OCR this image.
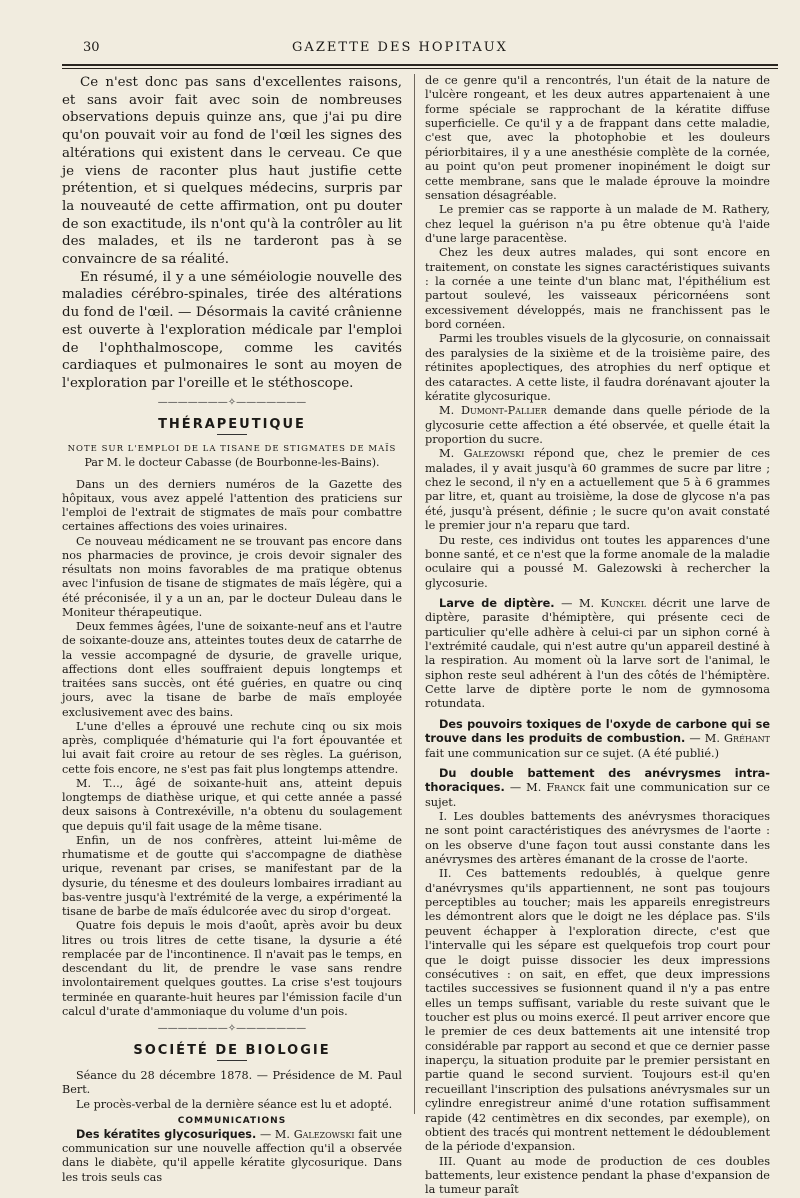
30	GAZETTE DES HOPITAUX

Ce n'est donc pas sans d'excellentes raisons, et sans avoir fait avec soin de nombreuses observations depuis quinze ans, que j'ai pu dire qu'on pouvait voir au fond de l'œil les signes des altérations qui existent dans le cerveau. Ce que je viens de raconter plus haut justifie cette prétention, et si quelques médecins, surpris par la nouveauté de cette affirmation, ont pu douter de son exactitude, ils n'ont qu'à la contrôler au lit des malades, et ils ne tarderont pas à se convaincre de sa réalité.

En résumé, il y a une séméiologie nouvelle des maladies cérébro-spinales, tirée des altérations du fond de l'œil. — Désormais la cavité crânienne est ouverte à l'exploration médicale par l'emploi de l'ophthalmoscope, comme les cavités cardiaques et pulmonaires le sont au moyen de l'exploration par l'oreille et le stéthoscope.

———————✧———————
THÉRAPEUTIQUE
NOTE SUR L'EMPLOI DE LA TISANE DE STIGMATES DE MAÏS
Par M. le docteur Cabasse (de Bourbonne-les-Bains).

Dans un des derniers numéros de la Gazette des hôpitaux, vous avez appelé l'attention des praticiens sur l'emploi de l'extrait de stigmates de maïs pour combattre certaines affections des voies urinaires.

Ce nouveau médicament ne se trouvant pas encore dans nos pharmacies de province, je crois devoir signaler des résultats non moins favorables de ma pratique obtenus avec l'infusion de tisane de stigmates de maïs légère, qui a été préconisée, il y a un an, par le docteur Duleau dans le Moniteur thérapeutique.

Deux femmes âgées, l'une de soixante-neuf ans et l'autre de soixante-douze ans, atteintes toutes deux de catarrhe de la vessie accompagné de dysurie, de gravelle urique, affections dont elles souffraient depuis longtemps et traitées sans succès, ont été guéries, en quatre ou cinq jours, avec la tisane de barbe de maïs employée exclusivement avec des bains.

L'une d'elles a éprouvé une rechute cinq ou six mois après, compliquée d'hématurie qui l'a fort épouvantée et lui avait fait croire au retour de ses règles. La guérison, cette fois encore, ne s'est pas fait plus longtemps attendre.

M. T..., âgé de soixante-huit ans, atteint depuis longtemps de diathèse urique, et qui cette année a passé deux saisons à Contrexéville, n'a obtenu du soulagement que depuis qu'il fait usage de la même tisane.

Enfin, un de nos confrères, atteint lui-même de rhumatisme et de goutte qui s'accompagne de diathèse urique, revenant par crises, se manifestant par de la dysurie, du ténesme et des douleurs lombaires irradiant au bas-ventre jusqu'à l'extrémité de la verge, a expérimenté la tisane de barbe de maïs édulcorée avec du sirop d'orgeat.

Quatre fois depuis le mois d'août, après avoir bu deux litres ou trois litres de cette tisane, la dysurie a été remplacée par de l'incontinence. Il n'avait pas le temps, en descendant du lit, de prendre le vase sans rendre involontairement quelques gouttes. La crise s'est toujours terminée en quarante-huit heures par l'émission facile d'un calcul d'urate d'ammoniaque du volume d'un pois.

———————✧———————
SOCIÉTÉ DE BIOLOGIE

Séance du 28 décembre 1878. — Présidence de M. Paul Bert.

Le procès-verbal de la dernière séance est lu et adopté.

COMMUNICATIONS

Des kératites glycosuriques. — M. Galezowski fait une communication sur une nouvelle affection qu'il a observée dans le diabète, qu'il appelle kératite glycosurique. Dans les trois seuls cas

de ce genre qu'il a rencontrés, l'un était de la nature de l'ulcère rongeant, et les deux autres appartenaient à une forme spéciale se rapprochant de la kératite diffuse superficielle. Ce qu'il y a de frappant dans cette maladie, c'est que, avec la photophobie et les douleurs périorbitaires, il y a une anesthésie complète de la cornée, au point qu'on peut promener inopinément le doigt sur cette membrane, sans que le malade éprouve la moindre sensation désagréable.

Le premier cas se rapporte à un malade de M. Rathery, chez lequel la guérison n'a pu être obtenue qu'à l'aide d'une large paracentèse.

Chez les deux autres malades, qui sont encore en traitement, on constate les signes caractéristiques suivants : la cornée a une teinte d'un blanc mat, l'épithélium est partout soulevé, les vaisseaux péricornéens sont excessivement développés, mais ne franchissent pas le bord cornéen.

Parmi les troubles visuels de la glycosurie, on connaissait des paralysies de la sixième et de la troisième paire, des rétinites apoplectiques, des atrophies du nerf optique et des cataractes. A cette liste, il faudra dorénavant ajouter la kératite glycosurique.

M. Dumont-Pallier demande dans quelle période de la glycosurie cette affection a été observée, et quelle était la proportion du sucre.

M. Galezowski répond que, chez le premier de ces malades, il y avait jusqu'à 60 grammes de sucre par litre ; chez le second, il n'y en a actuellement que 5 à 6 grammes par litre, et, quant au troisième, la dose de glycose n'a pas été, jusqu'à présent, définie ; le sucre qu'on avait constaté le premier jour n'a reparu que tard.

Du reste, ces individus ont toutes les apparences d'une bonne santé, et ce n'est que la forme anomale de la maladie oculaire qui a poussé M. Galezowski à rechercher la glycosurie.

Larve de diptère. — M. Kunckel décrit une larve de diptère, parasite d'hémiptère, qui présente ceci de particulier qu'elle adhère à celui-ci par un siphon corné à l'extrémité caudale, qui n'est autre qu'un appareil destiné à la respiration. Au moment où la larve sort de l'animal, le siphon reste seul adhérent à l'un des côtés de l'hémiptère. Cette larve de diptère porte le nom de gymnosoma rotundata.

Des pouvoirs toxiques de l'oxyde de carbone qui se trouve dans les produits de combustion. — M. Gréhant fait une communication sur ce sujet. (A été publié.)

Du double battement des anévrysmes intra-thoraciques. — M. Franck fait une communication sur ce sujet.

I. Les doubles battements des anévrysmes thoraciques ne sont point caractéristiques des anévrysmes de l'aorte : on les observe d'une façon tout aussi constante dans les anévrysmes des artères émanant de la crosse de l'aorte.

II. Ces battements redoublés, à quelque genre d'anévrysmes qu'ils appartiennent, ne sont pas toujours perceptibles au toucher; mais les appareils enregistreurs les démontrent alors que le doigt ne les déplace pas. S'ils peuvent échapper à l'exploration directe, c'est que l'intervalle qui les sépare est quelquefois trop court pour que le doigt puisse dissocier les deux impressions consécutives : on sait, en effet, que deux impressions tactiles successives se fusionnent quand il n'y a pas entre elles un temps suffisant, variable du reste suivant que le toucher est plus ou moins exercé. Il peut arriver encore que le premier de ces deux battements ait une intensité trop considérable par rapport au second et que ce dernier passe inaperçu, la situation produite par le premier persistant en partie quand le second survient. Toujours est-il qu'en recueillant l'inscription des pulsations anévrysmales sur un cylindre enregistreur animé d'une rotation suffisamment rapide (42 centimètres en dix secondes, par exemple), on obtient des tracés qui montrent nettement le dédoublement de la période d'expansion.

III. Quant au mode de production de ces doubles battements, leur existence pendant la phase d'expansion de la tumeur paraît
